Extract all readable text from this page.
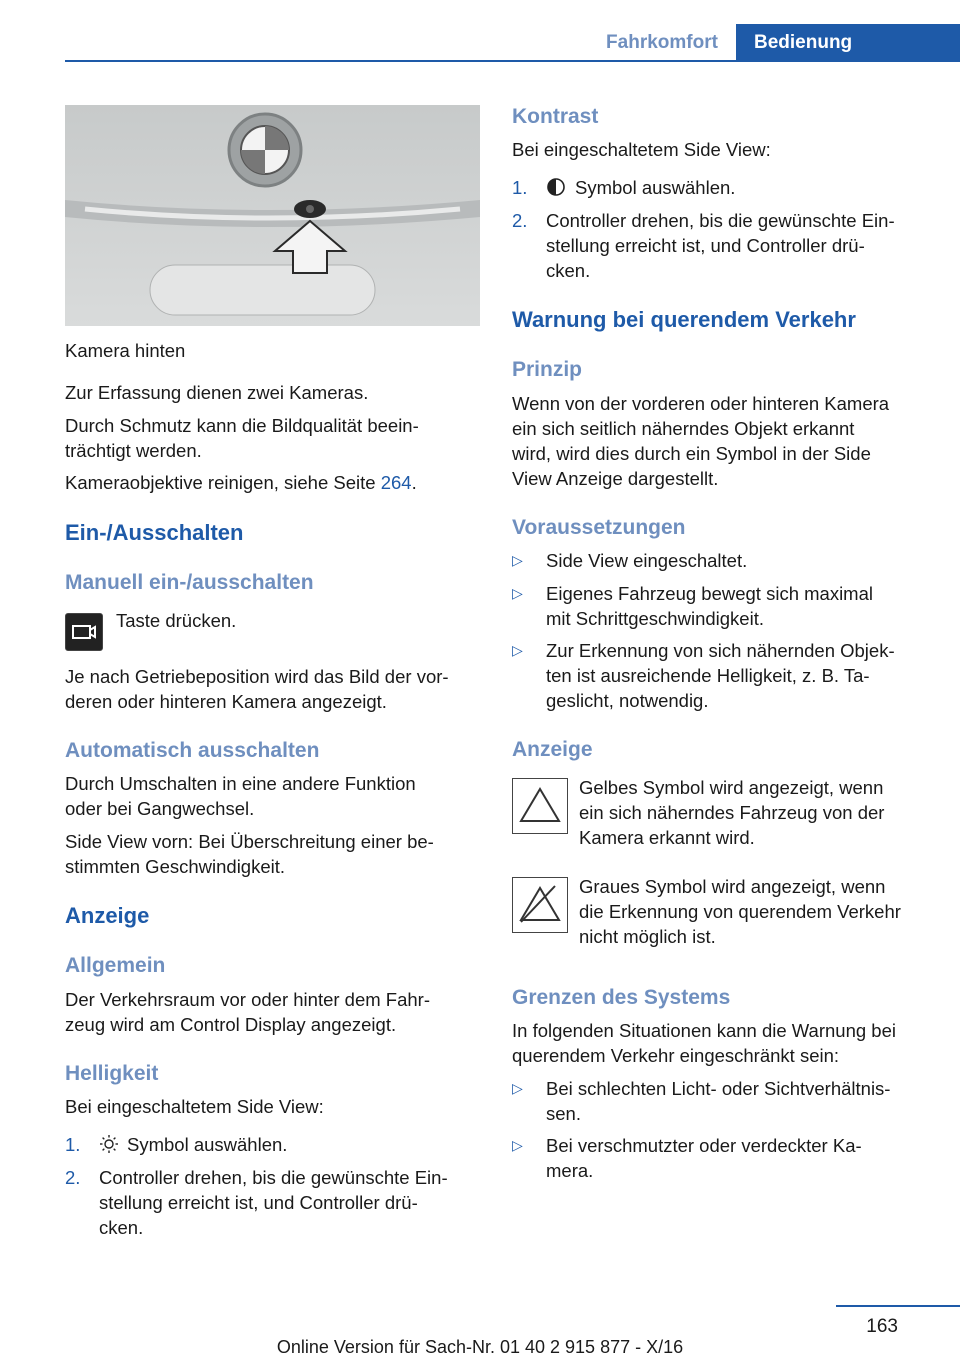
Fahrkomfort	Bedienung

Kamera hinten

Zur Erfassung dienen zwei Kameras.

Durch Schmutz kann die Bildqualität beein‐

trächtigt werden.

Kameraobjektive reinigen, siehe Seite 264.

Ein-/Ausschalten
Manuell ein-/ausschalten

Taste drücken.

Je nach Getriebeposition wird das Bild der vor‐

deren oder hinteren Kamera angezeigt.

Automatisch ausschalten

Durch Umschalten in eine andere Funktion

oder bei Gangwechsel.

Side View vorn: Bei Überschreitung einer be‐

stimmten Geschwindigkeit.

Anzeige
Allgemein

Der Verkehrsraum vor oder hinter dem Fahr‐

zeug wird am Control Display angezeigt.

Helligkeit

Bei eingeschaltetem Side View:

1.	Symbol auswählen.

2. Controller drehen, bis die gewünschte Ein‐

stellung erreicht ist, und Controller drü‐

cken.

Kontrast

Bei eingeschaltetem Side View:

1.	Symbol auswählen.

2. Controller drehen, bis die gewünschte Ein‐

stellung erreicht ist, und Controller drü‐

cken.

Warnung bei querendem Verkehr
Prinzip

Wenn von der vorderen oder hinteren Kamera

ein sich seitlich näherndes Objekt erkannt

wird, wird dies durch ein Symbol in der Side

View Anzeige dargestellt.

Voraussetzungen
▷ Side View eingeschaltet.

▷ Eigenes Fahrzeug bewegt sich maximal

mit Schrittgeschwindigkeit.

▷ Zur Erkennung von sich nähernden Objek‐

ten ist ausreichende Helligkeit, z. B. Ta‐

geslicht, notwendig.

Anzeige

Gelbes Symbol wird angezeigt, wenn

ein sich näherndes Fahrzeug von der

Kamera erkannt wird.

Graues Symbol wird angezeigt, wenn

die Erkennung von querendem Verkehr

nicht möglich ist.

Grenzen des Systems

In folgenden Situationen kann die Warnung bei

querendem Verkehr eingeschränkt sein:

▷ Bei schlechten Licht- oder Sichtverhältnis‐

sen.

▷ Bei verschmutzter oder verdeckter Ka‐

mera.

163
Online Version für Sach-Nr. 01 40 2 915 877 - X/16
